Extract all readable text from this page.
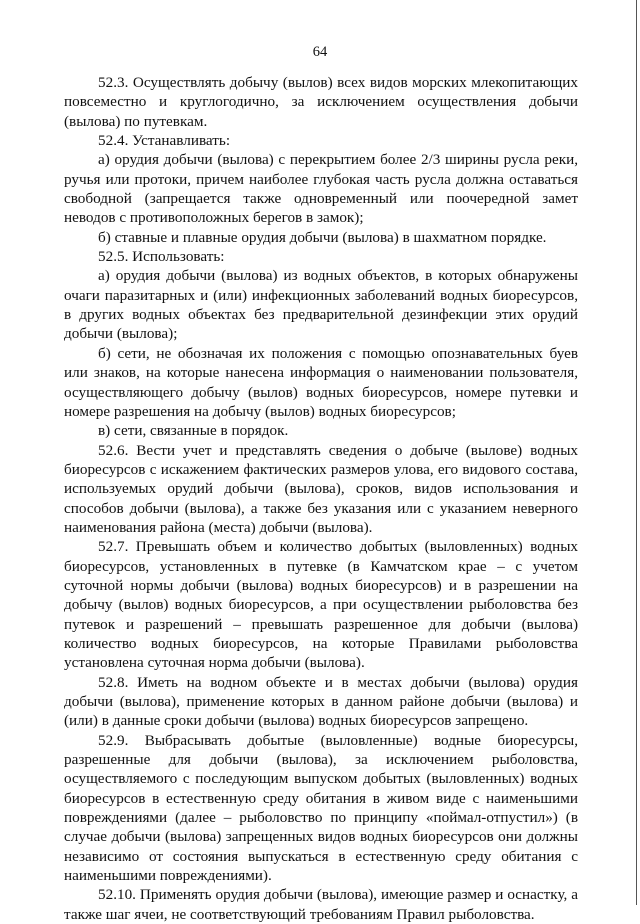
64

52.3. Осуществлять добычу (вылов) всех видов морских млекопитающих повсеместно и круглогодично, за исключением осуществления добычи (вылова) по путевкам.

52.4. Устанавливать:

а) орудия добычи (вылова) с перекрытием более 2/3 ширины русла реки, ручья или протоки, причем наиболее глубокая часть русла должна оставаться свободной (запрещается также одновременный или поочередной замет неводов с противоположных берегов в замок);

б) ставные и плавные орудия добычи (вылова) в шахматном порядке.

52.5. Использовать:

а) орудия добычи (вылова) из водных объектов, в которых обнаружены очаги паразитарных и (или) инфекционных заболеваний водных биоресурсов, в других водных объектах без предварительной дезинфекции этих орудий добычи (вылова);

б) сети, не обозначая их положения с помощью опознавательных буев или знаков, на которые нанесена информация о наименовании пользователя, осуществляющего добычу (вылов) водных биоресурсов, номере путевки и номере разрешения на добычу (вылов) водных биоресурсов;

в) сети, связанные в порядок.

52.6. Вести учет и представлять сведения о добыче (вылове) водных биоресурсов с искажением фактических размеров улова, его видового состава, используемых орудий добычи (вылова), сроков, видов использования и способов добычи (вылова), а также без указания или с указанием неверного наименования района (места) добычи (вылова).

52.7. Превышать объем и количество добытых (выловленных) водных биоресурсов, установленных в путевке (в Камчатском крае – с учетом суточной нормы добычи (вылова) водных биоресурсов) и в разрешении на добычу (вылов) водных биоресурсов, а при осуществлении рыболовства без путевок и разрешений – превышать разрешенное для добычи (вылова) количество водных биоресурсов, на которые Правилами рыболовства установлена суточная норма добычи (вылова).

52.8. Иметь на водном объекте и в местах добычи (вылова) орудия добычи (вылова), применение которых в данном районе добычи (вылова) и (или) в данные сроки добычи (вылова) водных биоресурсов запрещено.

52.9. Выбрасывать добытые (выловленные) водные биоресурсы, разрешенные для добычи (вылова), за исключением рыболовства, осуществляемого с последующим выпуском добытых (выловленных) водных биоресурсов в естественную среду обитания в живом виде с наименьшими повреждениями (далее – рыболовство по принципу «поймал-отпустил») (в случае добычи (вылова) запрещенных видов водных биоресурсов они должны независимо от состояния выпускаться в естественную среду обитания с наименьшими повреждениями).

52.10. Применять орудия добычи (вылова), имеющие размер и оснастку, а также шаг ячеи, не соответствующий требованиям Правил рыболовства.
